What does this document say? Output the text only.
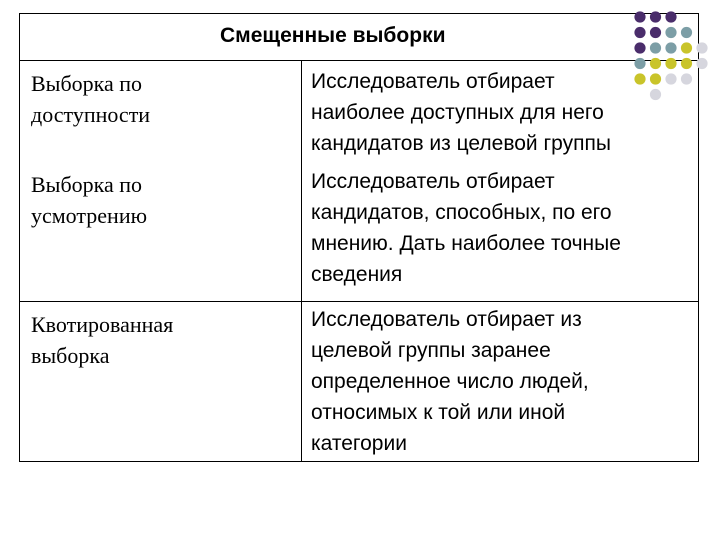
Смещенные выборки
Выборка по
доступности
Исследователь отбирает
наиболее доступных для него
кандидатов из целевой группы
Выборка по
усмотрению
Исследователь отбирает
кандидатов, способных, по его
мнению. Дать наиболее точные
сведения
Квотированная
выборка
Исследователь отбирает из
целевой группы заранее
определенное число людей,
относимых к той или иной
категории
